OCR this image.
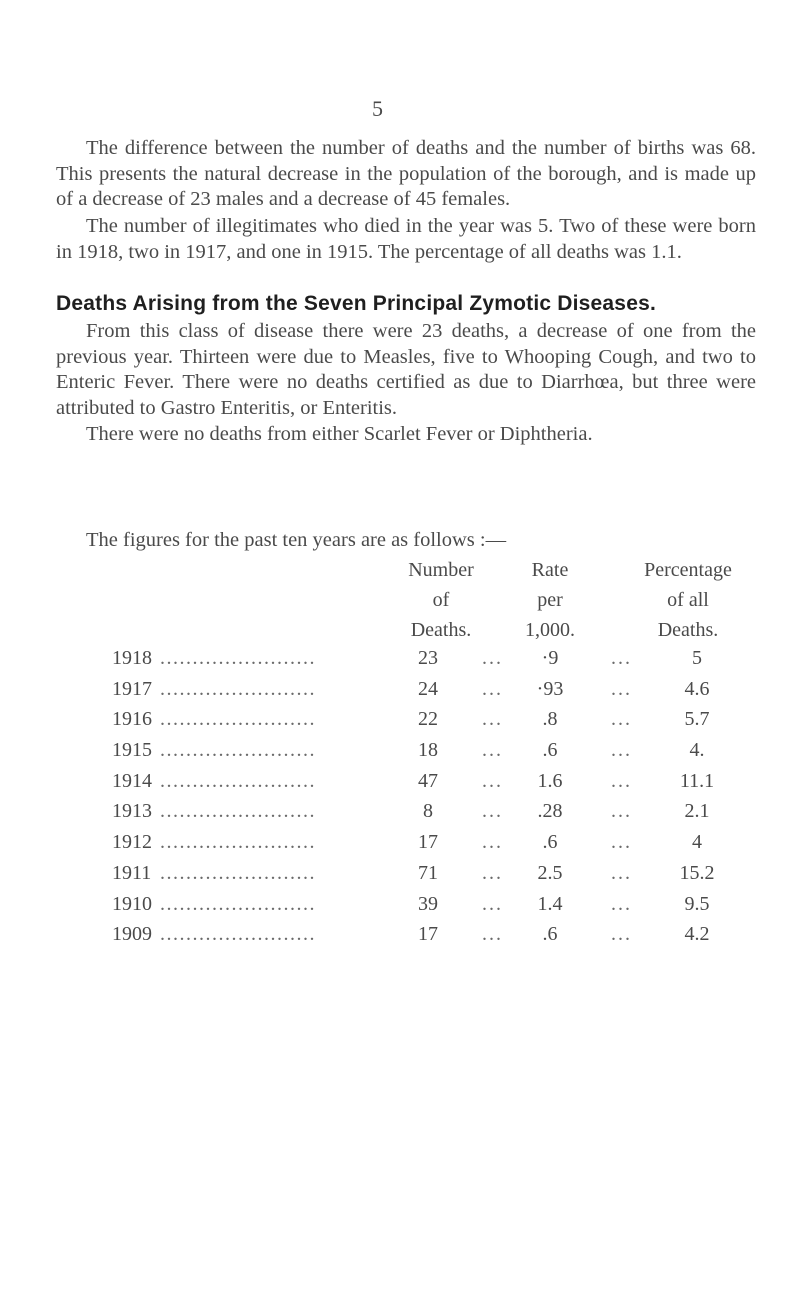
5

The difference between the number of deaths and the number of births was 68. This presents the natural decrease in the population of the borough, and is made up of a decrease of 23 males and a decrease of 45 females.

The number of illegitimates who died in the year was 5. Two of these were born in 1918, two in 1917, and one in 1915. The percentage of all deaths was 1.1.

Deaths Arising from the Seven Principal Zymotic Diseases.

From this class of disease there were 23 deaths, a decrease of one from the previous year. Thirteen were due to Measles, five to Whooping Cough, and two to Enteric Fever. There were no deaths certified as due to Diarrhœa, but three were attributed to Gastro Enteritis, or Enteritis.

There were no deaths from either Scarlet Fever or Diphtheria.

The figures for the past ten years are as follows :—

Number
of
Deaths.
Rate
per
1,000.
Percentage
of all
Deaths.
1918 ........................	23	...	·9	...	5
1917 ........................	24	...	·93	...	4.6
1916 ........................	22	...	.8	...	5.7
1915 ........................	18	...	.6	...	4.
1914 ........................	47	...	1.6	...	11.1
1913 ........................	8	...	.28	...	2.1
1912 ........................	17	...	.6	...	4
1911 ........................	71	...	2.5	...	15.2
1910 ........................	39	...	1.4	...	9.5
1909 ........................	17	...	.6	...	4.2
